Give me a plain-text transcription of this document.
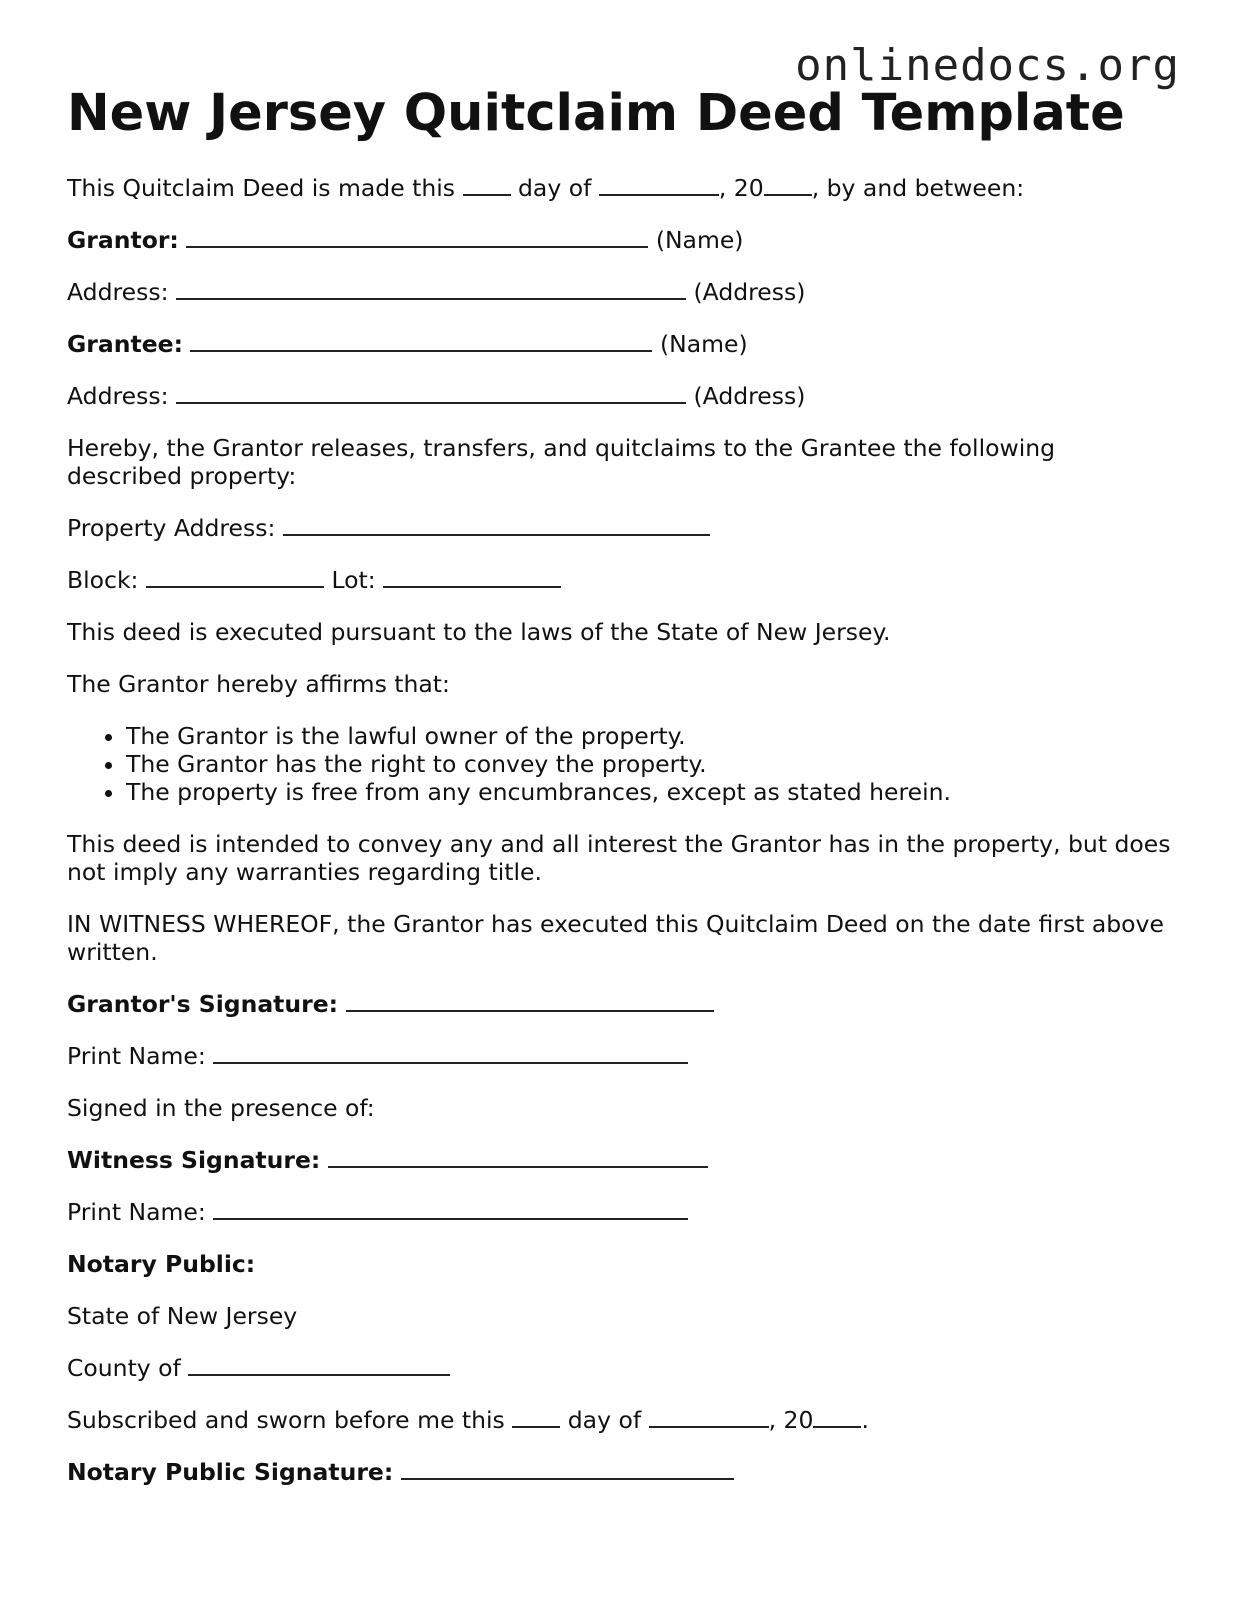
onlinedocs.org
New Jersey Quitclaim Deed Template

This Quitclaim Deed is made this	day of	, 20 , by and between:

Grantor:	(Name)

Address:	(Address)

Grantee:	(Name)

Address:	(Address)

Hereby, the Grantor releases, transfers, and quitclaims to the Grantee the following described property:

Property Address:

Block:	Lot:

This deed is executed pursuant to the laws of the State of New Jersey.

The Grantor hereby affirms that:

• The Grantor is the lawful owner of the property.
• The Grantor has the right to convey the property.
• The property is free from any encumbrances, except as stated herein.

This deed is intended to convey any and all interest the Grantor has in the property, but does not imply any warranties regarding title.

IN WITNESS WHEREOF, the Grantor has executed this Quitclaim Deed on the date first above written.

Grantor's Signature:

Print Name:

Signed in the presence of:

Witness Signature:

Print Name:

Notary Public:

State of New Jersey

County of

Subscribed and sworn before me this	day of	, 20 .

Notary Public Signature:
